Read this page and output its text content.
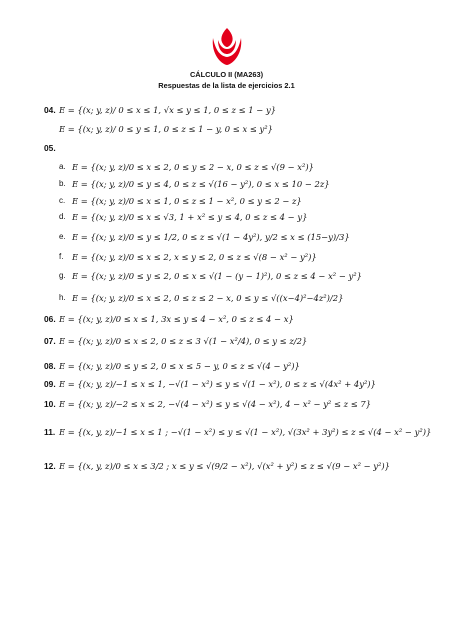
CÁLCULO II (MA263)
Respuestas de la lista de ejercicios 2.1
04. E = {(x; y, z)/ 0 ≤ x ≤ 1, √x ≤ y ≤ 1, 0 ≤ z ≤ 1 − y}
E = {(x; y, z)/ 0 ≤ y ≤ 1, 0 ≤ z ≤ 1 − y, 0 ≤ x ≤ y²}
05.
a. E = {(x; y, z)/0 ≤ x ≤ 2, 0 ≤ y ≤ 2 − x, 0 ≤ z ≤ √(9 − x²)}
b. E = {(x; y, z)/0 ≤ y ≤ 4, 0 ≤ z ≤ √(16 − y²), 0 ≤ x ≤ 10 − 2z}
c. E = {(x; y, z)/0 ≤ x ≤ 1, 0 ≤ z ≤ 1 − x², 0 ≤ y ≤ 2 − z}
d. E = {(x; y, z)/0 ≤ x ≤ √3, 1 + x² ≤ y ≤ 4, 0 ≤ z ≤ 4 − y}
e. E = {(x; y, z)/0 ≤ y ≤ 1/2, 0 ≤ z ≤ √(1 − 4y²), y/2 ≤ x ≤ (15−y)/3}
f. E = {(x; y, z)/0 ≤ x ≤ 2, x ≤ y ≤ 2, 0 ≤ z ≤ √(8 − x² − y²)}
g. E = {(x; y, z)/0 ≤ y ≤ 2, 0 ≤ x ≤ √(1 − (y − 1)²), 0 ≤ z ≤ 4 − x² − y²}
h. E = {(x; y, z)/0 ≤ x ≤ 2, 0 ≤ z ≤ 2 − x, 0 ≤ y ≤ √((x−4)²−4z²)/2}
06. E = {(x; y, z)/0 ≤ x ≤ 1, 3x ≤ y ≤ 4 − x², 0 ≤ z ≤ 4 − x}
07. E = {(x; y, z)/0 ≤ x ≤ 2, 0 ≤ z ≤ 3 √(1 − x²/4), 0 ≤ y ≤ z/2}
08. E = {(x; y, z)/0 ≤ y ≤ 2, 0 ≤ x ≤ 5 − y, 0 ≤ z ≤ √(4 − y²)}
09. E = {(x; y, z)/−1 ≤ x ≤ 1, −√(1 − x²) ≤ y ≤ √(1 − x²), 0 ≤ z ≤ √(4x² + 4y²)}
10. E = {(x; y, z)/−2 ≤ x ≤ 2, −√(4 − x²) ≤ y ≤ √(4 − x²), 4 − x² − y² ≤ z ≤ 7}
11. E = {(x, y, z)/−1 ≤ x ≤ 1 ; −√(1 − x²) ≤ y ≤ √(1 − x²), √(3x² + 3y²) ≤ z ≤ √(4 − x² − y²)}
12. E = {(x, y, z)/0 ≤ x ≤ 3/2 ; x ≤ y ≤ √(9/2 − x²), √(x² + y²) ≤ z ≤ √(9 − x² − y²)}
